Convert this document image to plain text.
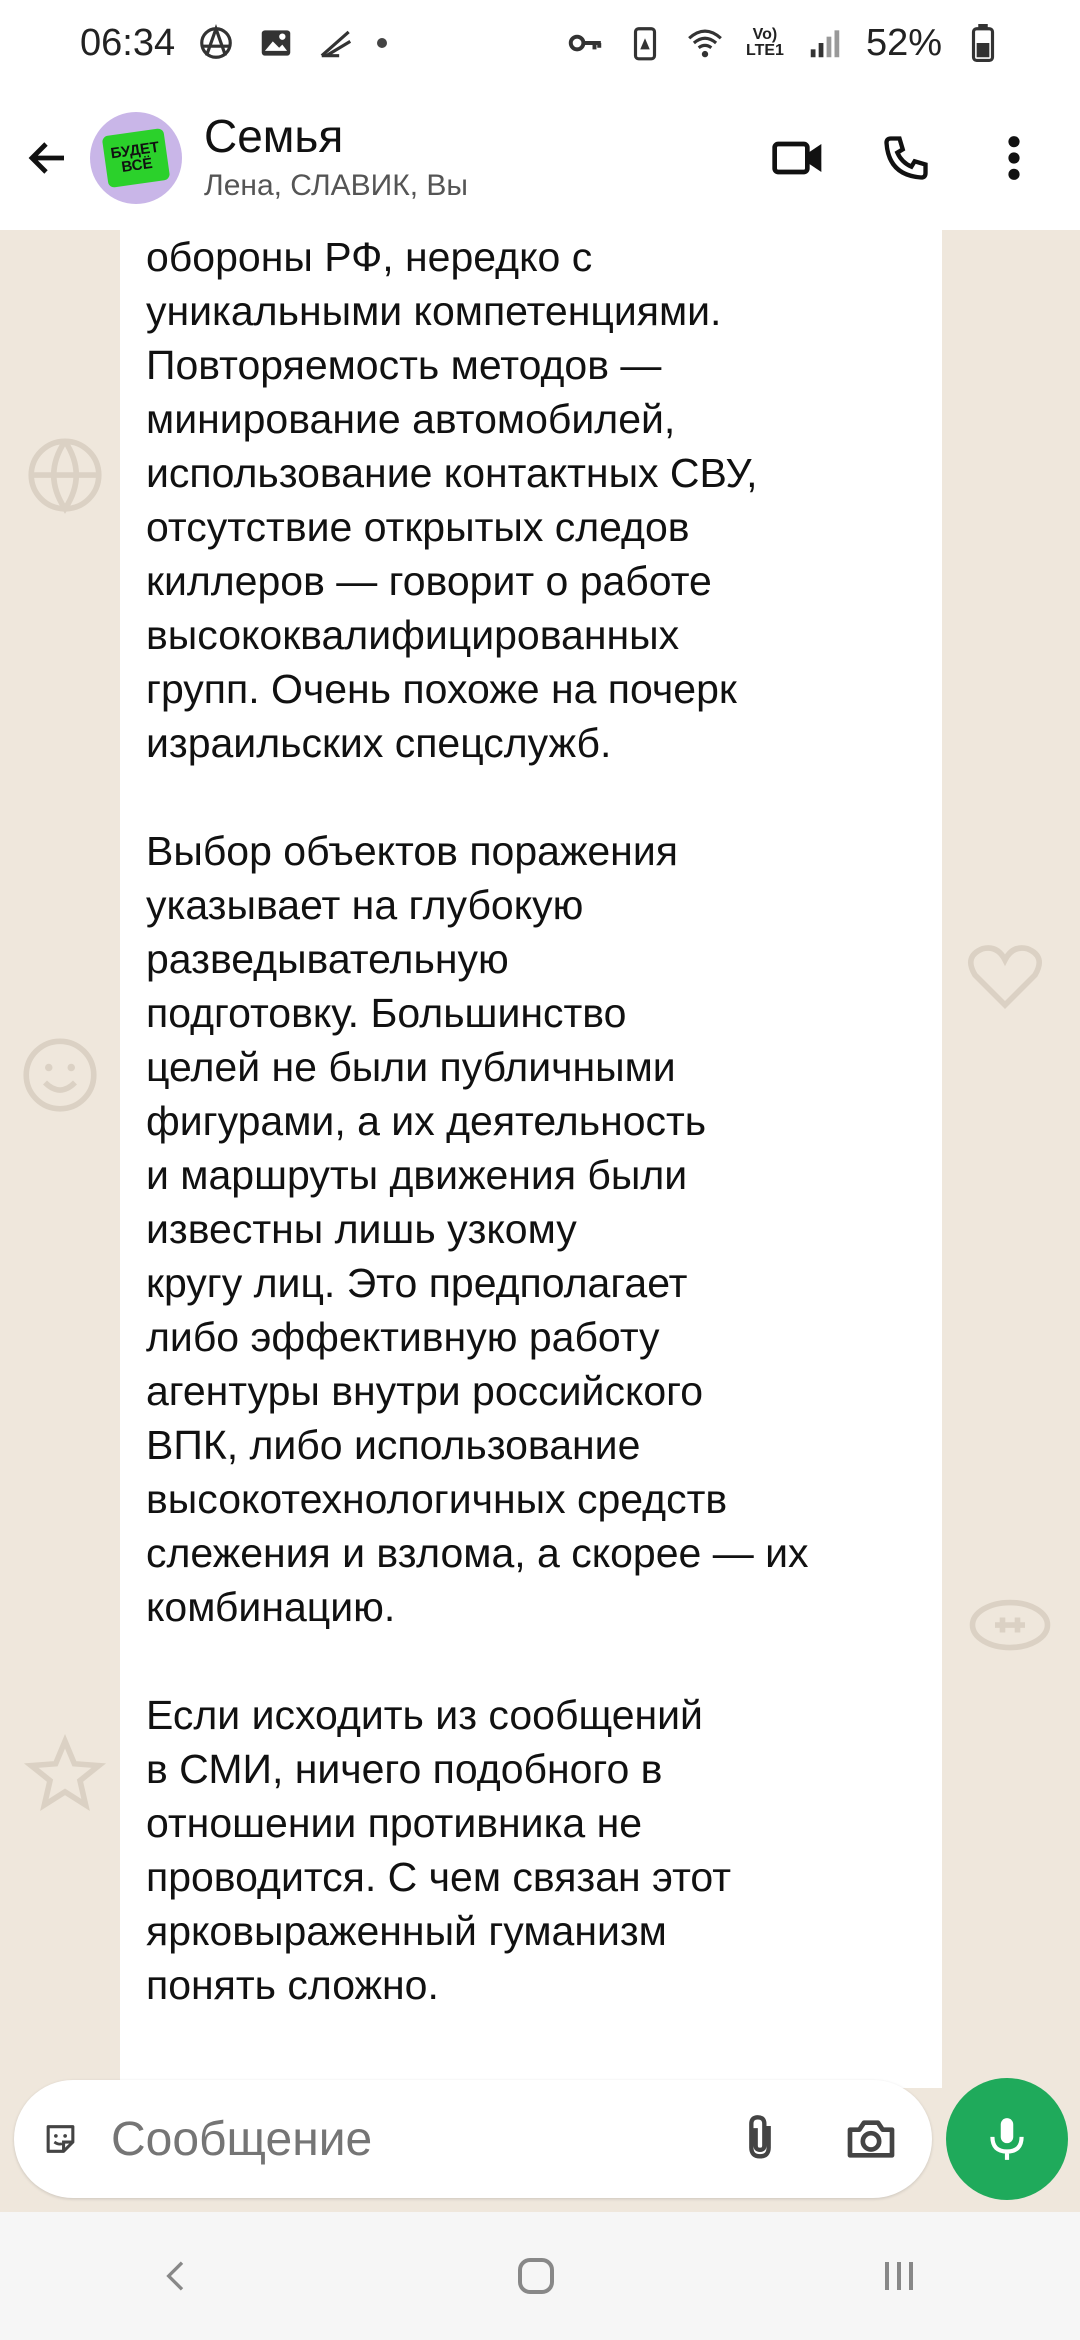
06:34	Vo)
LTE1 52%
БУДЕТ ВСЁ
Семья
Лена, СЛАВИК, Вы

обороны РФ, нередко с
уникальными компетенциями.
Повторяемость методов —
минирование автомобилей,
использование контактных СВУ,
отсутствие открытых следов
киллеров — говорит о работе
высококвалифицированных
групп. Очень похоже на почерк
израильских спецслужб.

Выбор объектов поражения
указывает на глубокую
разведывательную
подготовку. Большинство
целей не были публичными
фигурами, а их деятельность
и маршруты движения были
известны лишь узкому
кругу лиц. Это предполагает
либо эффективную работу
агентуры внутри российского
ВПК, либо использование
высокотехнологичных средств
слежения и взлома, а скорее — их
комбинацию.

Если исходить из сообщений
в СМИ, ничего подобного в
отношении противника не
проводится. С чем связан этот
ярковыраженный гуманизм
понять сложно.
Сообщение
